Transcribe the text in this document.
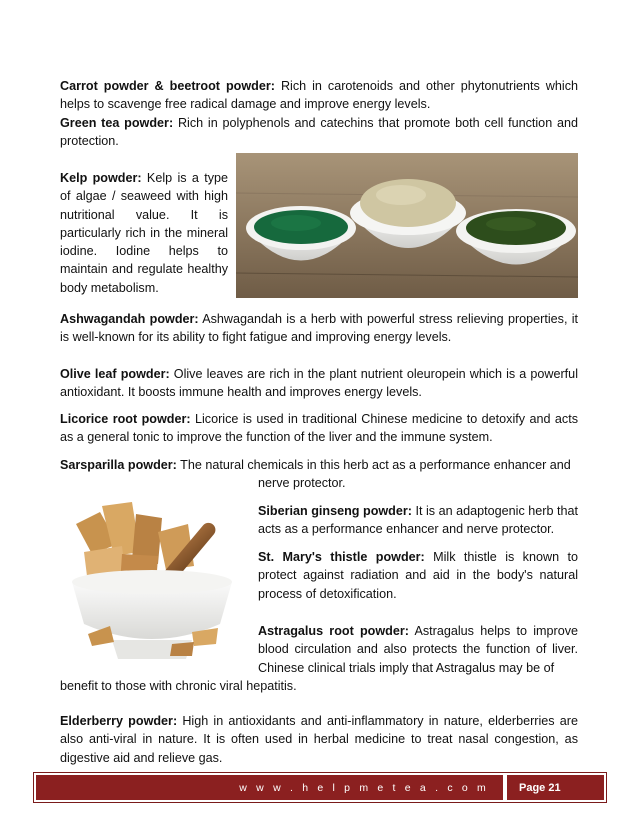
Carrot powder & beetroot powder: Rich in carotenoids and other phytonutrients which helps to scavenge free radical damage and improve energy levels.

Green tea powder: Rich in polyphenols and catechins that promote both cell function and protection.

Kelp powder: Kelp is a type of algae / seaweed with high nutritional value. It is particularly rich in the mineral iodine. Iodine helps to maintain and regulate healthy body metabolism.

Ashwagandah powder: Ashwagandah is a herb with powerful stress relieving properties, it is well-known for its ability to fight fatigue and improving energy levels.

Olive leaf powder: Olive leaves are rich in the plant nutrient oleuropein which is a powerful antioxidant. It boosts immune health and improves energy levels.

Licorice root powder: Licorice is used in traditional Chinese medicine to detoxify and acts as a general tonic to improve the function of the liver and the immune system.

Sarsparilla powder: The natural chemicals in this herb act as a performance enhancer and

nerve protector.

Siberian ginseng powder: It is an adaptogenic herb that acts as a performance enhancer and nerve protector.

St. Mary's thistle powder: Milk thistle is known to protect against radiation and aid in the body's natural process of detoxification.

Astragalus root powder: Astragalus helps to improve blood circulation and also protects the function of liver. Chinese clinical trials imply that Astragalus may be of

benefit to those with chronic viral hepatitis.

Elderberry powder: High in antioxidants and anti-inflammatory in nature, elderberries are also anti-viral in nature. It is often used in herbal medicine to treat nasal congestion, as digestive aid and relieve gas.

w w w . h e l p m e t e a . c o m	Page 21
